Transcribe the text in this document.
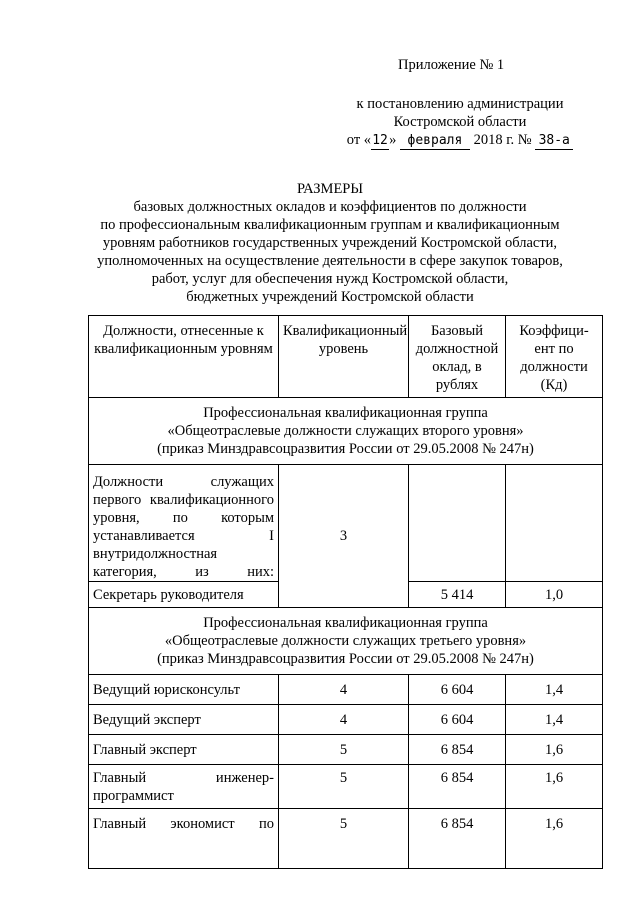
Приложение № 1
к постановлению администрации
Костромской области
от «12» февраля 2018 г. № 38-а
РАЗМЕРЫ
базовых должностных окладов и коэффициентов по должности
по профессиональным квалификационным группам и квалификационным
уровням работников государственных учреждений Костромской области,
уполномоченных на осуществление деятельности в сфере закупок товаров,
работ, услуг для обеспечения нужд Костромской области,
бюджетных учреждений Костромской области
Должности, отнесенные к квалификационным уровням	Квалификационный уровень	Базовый должностной оклад, в рублях	Коэффици-ент по должности (Кд)

Профессиональная квалификационная группа
«Общеотраслевые должности служащих второго уровня»
(приказ Минздравсоцразвития России от 29.05.2008 № 247н)			

Должности служащих первого квалификационного уровня, по которым устанавливается I внутридолжностная категория, из них:	3		
Секретарь руководителя		5 414	1,0

Профессиональная квалификационная группа
«Общеотраслевые должности служащих третьего уровня»
(приказ Минздравсоцразвития России от 29.05.2008 № 247н)			

Ведущий юрисконсульт	4	6 604	1,4
Ведущий эксперт	4	6 604	1,4
Главный эксперт	5	6 854	1,6
Главный инженер-программист	5	6 854	1,6
Главный экономист по	5	6 854	1,6
